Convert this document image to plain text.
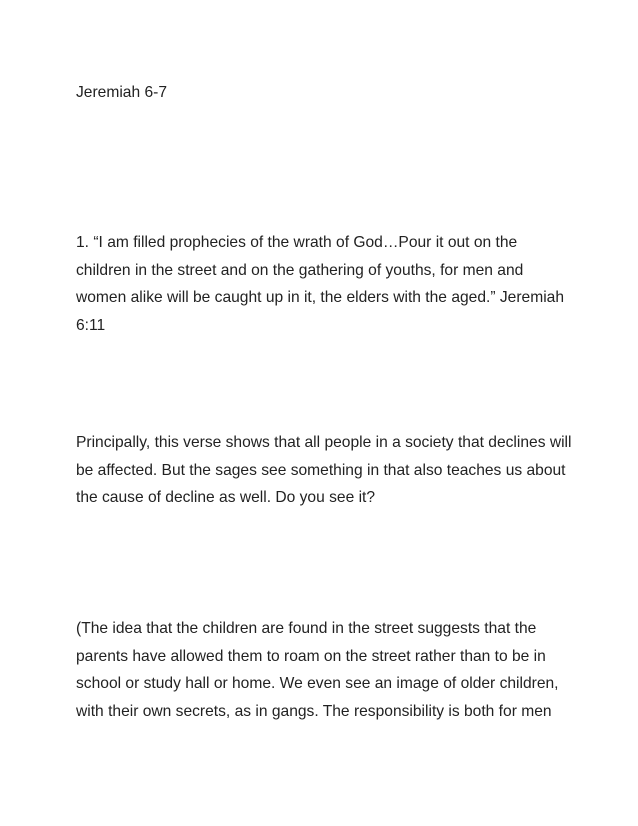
Jeremiah 6-7
1. “I am filled prophecies of the wrath of God…Pour it out on the
children in the street and on the gathering of youths, for men and
women alike will be caught up in it, the elders with the aged.” Jeremiah
6:11
Principally, this verse shows that all people in a society that declines will
be affected. But the sages see something in that also teaches us about
the cause of decline as well. Do you see it?
(The idea that the children are found in the street suggests that the
parents have allowed them to roam on the street rather than to be in
school or study hall or home. We even see an image of older children,
with their own secrets, as in gangs. The responsibility is both for men
